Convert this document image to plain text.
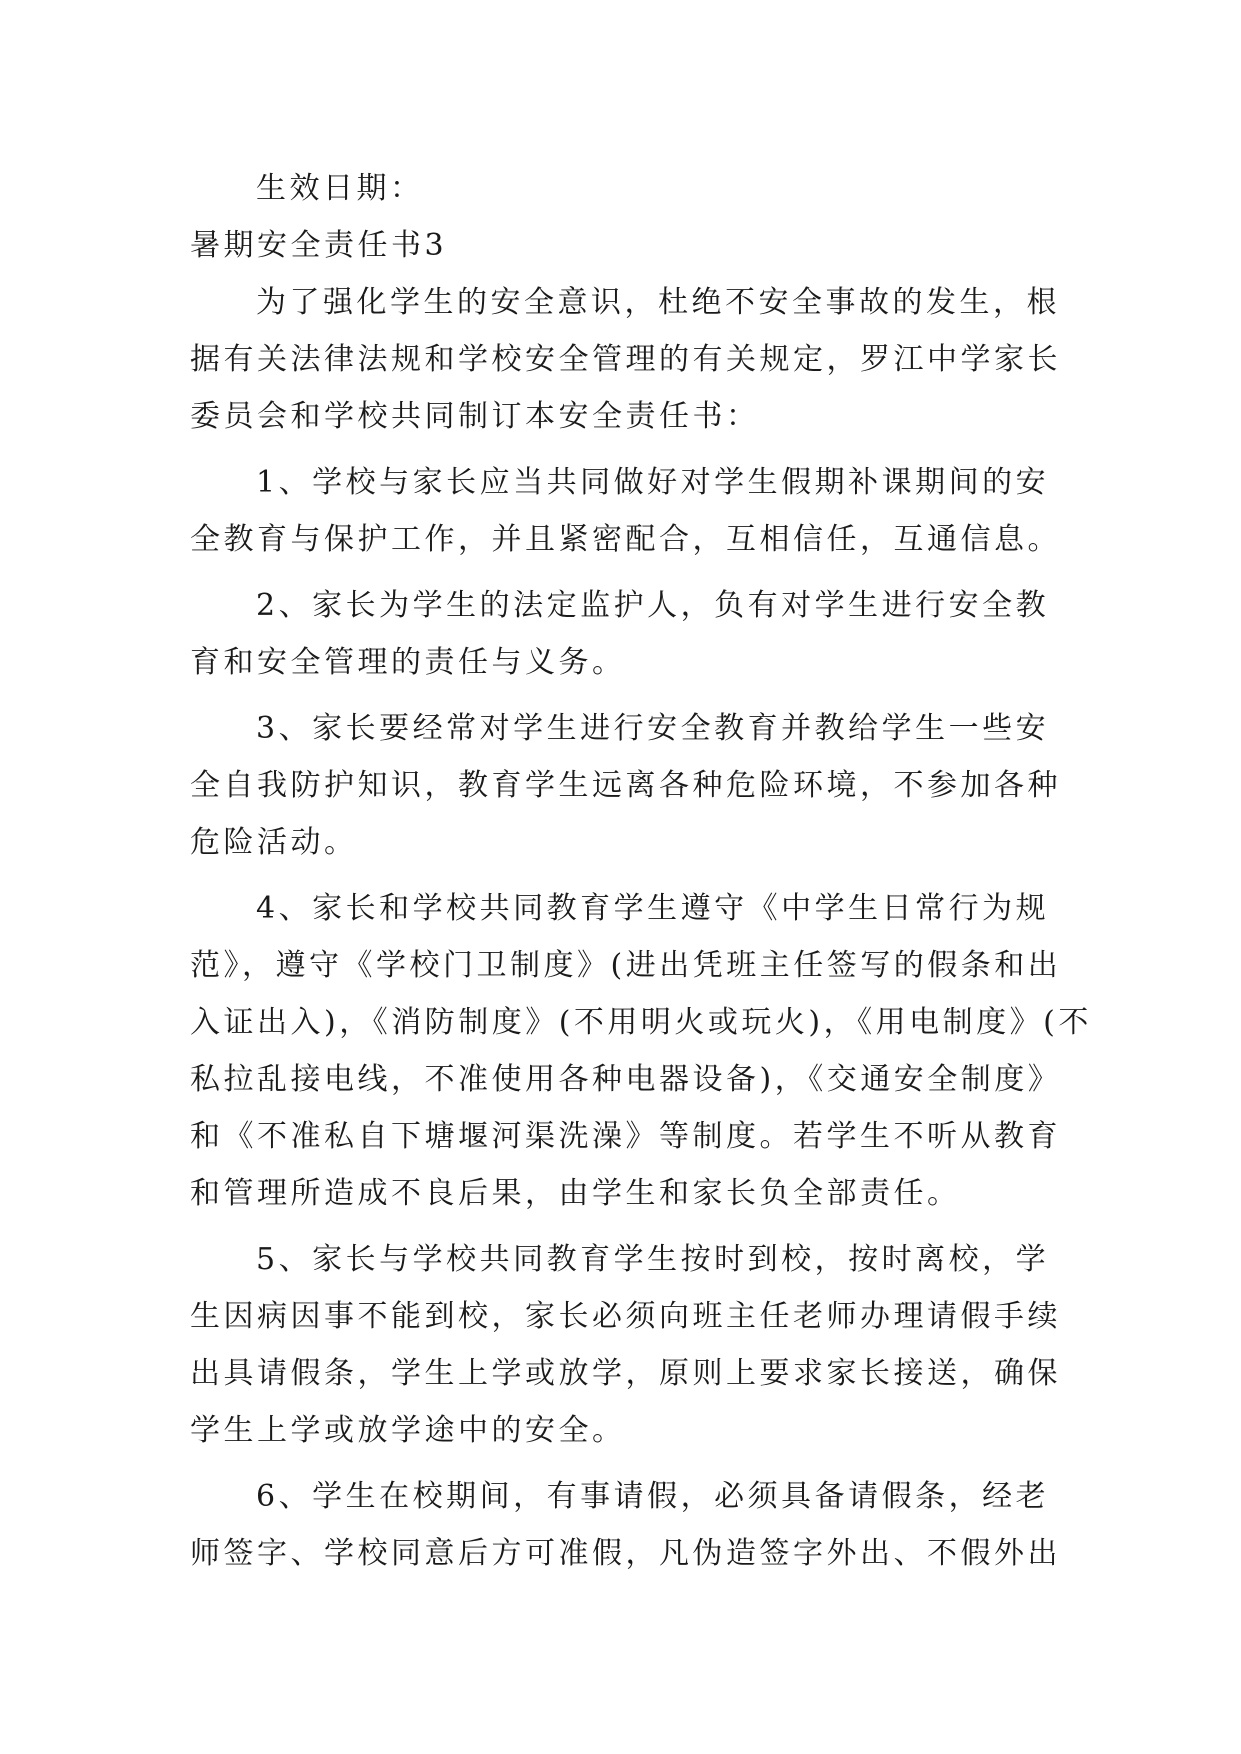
生效日期：
暑期安全责任书3
为了强化学生的安全意识，杜绝不安全事故的发生，根
据有关法律法规和学校安全管理的有关规定，罗江中学家长
委员会和学校共同制订本安全责任书：
1、学校与家长应当共同做好对学生假期补课期间的安
全教育与保护工作，并且紧密配合，互相信任，互通信息。
2、家长为学生的法定监护人，负有对学生进行安全教
育和安全管理的责任与义务。
3、家长要经常对学生进行安全教育并教给学生一些安
全自我防护知识，教育学生远离各种危险环境，不参加各种
危险活动。
4、家长和学校共同教育学生遵守《中学生日常行为规
范》，遵守《学校门卫制度》(进出凭班主任签写的假条和出
入证出入)，《消防制度》(不用明火或玩火)，《用电制度》(不
私拉乱接电线，不准使用各种电器设备)，《交通安全制度》
和《不准私自下塘堰河渠洗澡》等制度。若学生不听从教育
和管理所造成不良后果，由学生和家长负全部责任。
5、家长与学校共同教育学生按时到校，按时离校，学
生因病因事不能到校，家长必须向班主任老师办理请假手续
出具请假条，学生上学或放学，原则上要求家长接送，确保
学生上学或放学途中的安全。
6、学生在校期间，有事请假，必须具备请假条，经老
师签字、学校同意后方可准假，凡伪造签字外出、不假外出
